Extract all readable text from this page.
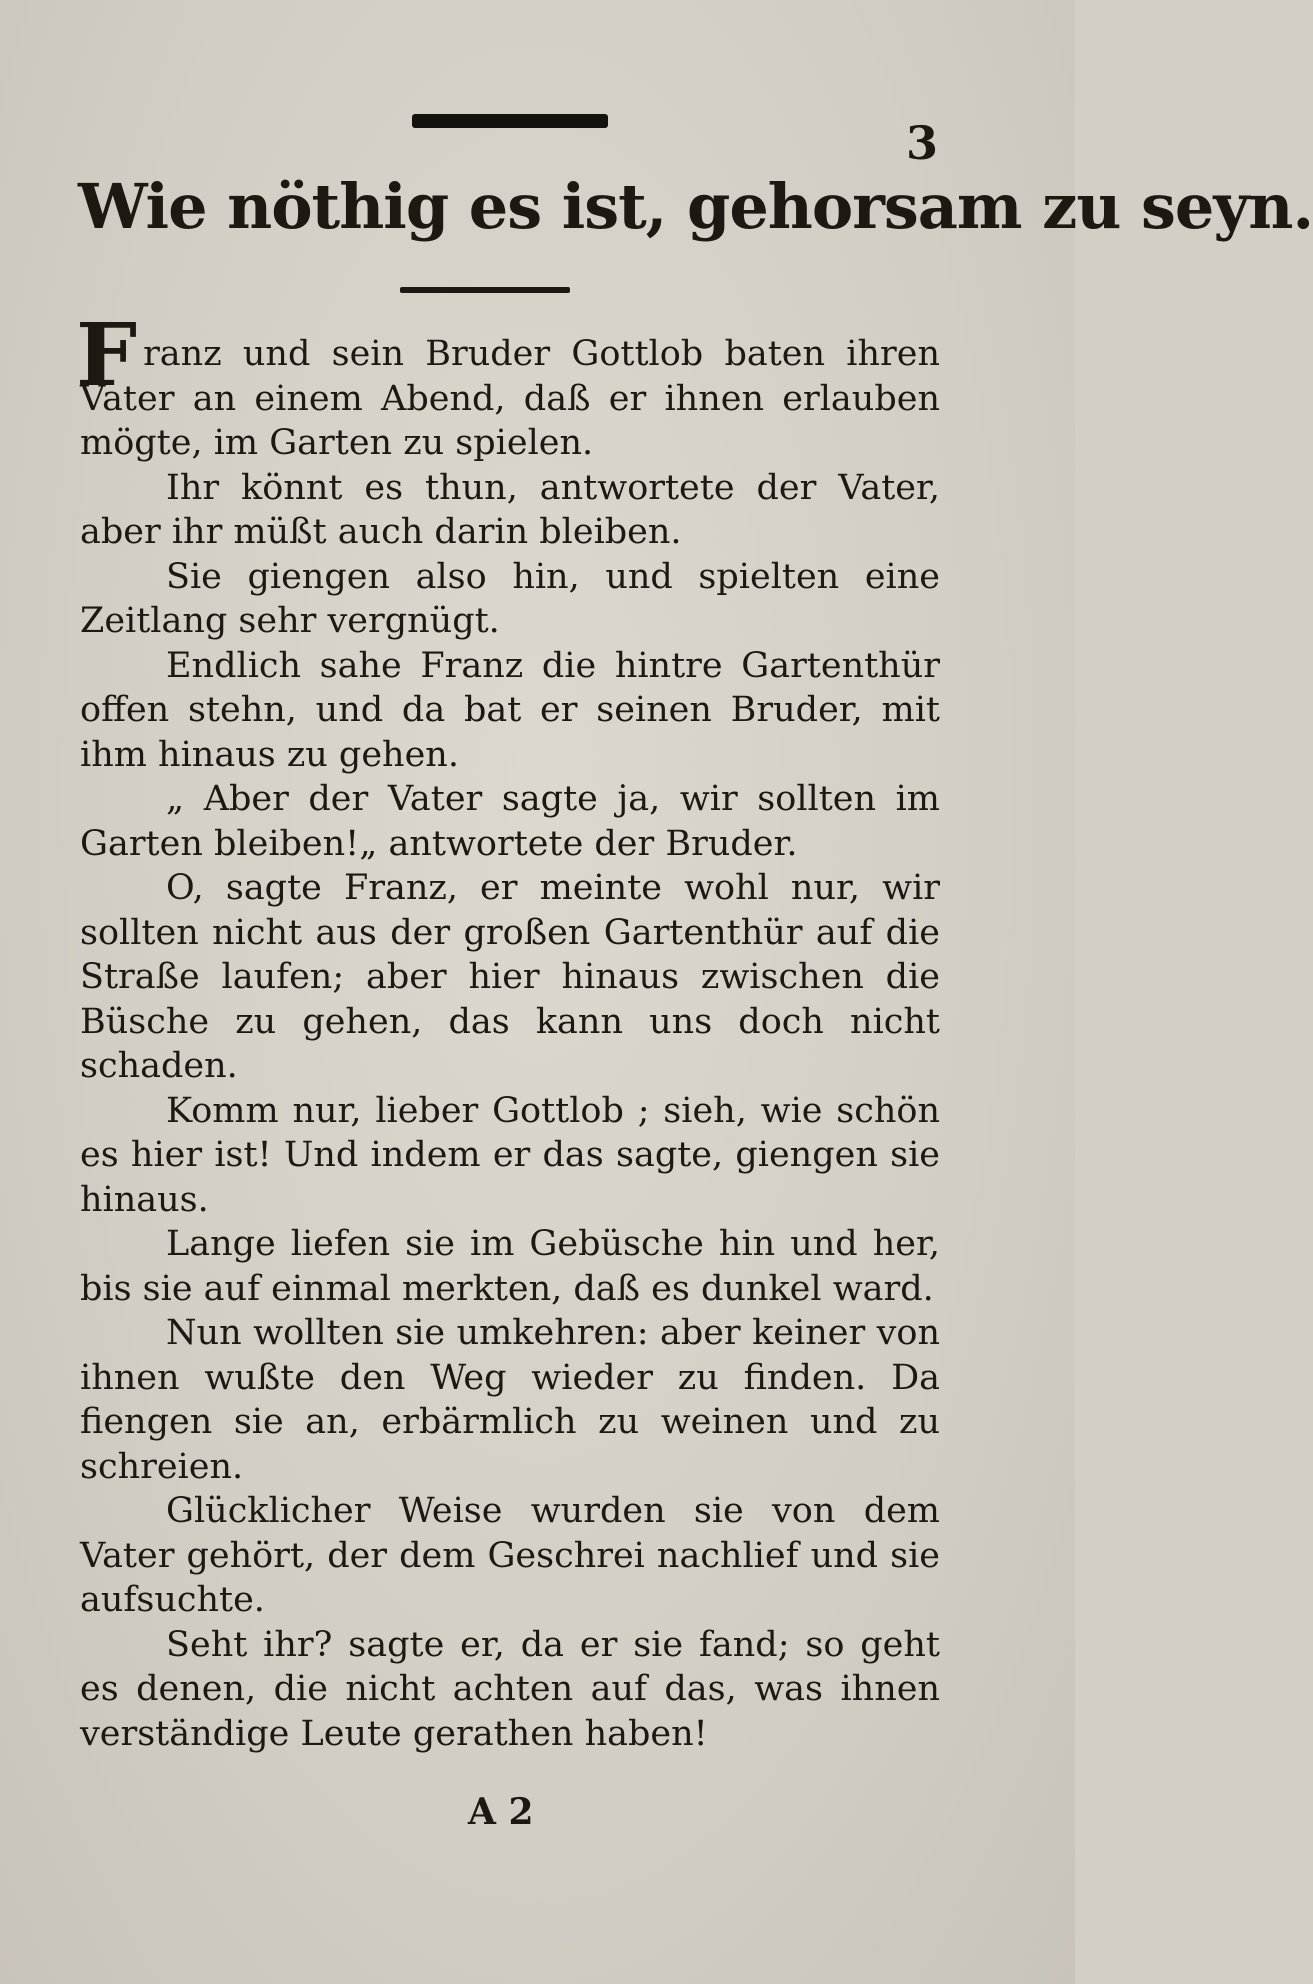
3
Wie nöthig es ist, gehorsam zu seyn.

Franz und sein Bruder Gottlob baten ihren Vater an einem Abend, daß er ihnen erlauben mögte, im Garten zu spielen.

Ihr könnt es thun, antwortete der Vater, aber ihr müßt auch darin bleiben.

Sie giengen also hin, und spielten eine Zeitlang sehr vergnügt.

Endlich sahe Franz die hintre Gartenthür offen stehn, und da bat er seinen Bruder, mit ihm hinaus zu gehen.

„ Aber der Vater sagte ja, wir sollten im Garten bleiben!„ antwortete der Bruder.

O, sagte Franz, er meinte wohl nur, wir sollten nicht aus der großen Gartenthür auf die Straße laufen; aber hier hinaus zwischen die Büsche zu gehen, das kann uns doch nicht schaden.

Komm nur, lieber Gottlob ; sieh, wie schön es hier ist! Und indem er das sagte, giengen sie hinaus.

Lange liefen sie im Gebüsche hin und her, bis sie auf einmal merkten, daß es dunkel ward.

Nun wollten sie umkehren: aber keiner von ihnen wußte den Weg wieder zu finden. Da fiengen sie an, erbärmlich zu weinen und zu schreien.

Glücklicher Weise wurden sie von dem Vater gehört, der dem Geschrei nachlief und sie aufsuchte.

Seht ihr? sagte er, da er sie fand; so geht es denen, die nicht achten auf das, was ihnen verständige Leute gerathen haben!

A 2
